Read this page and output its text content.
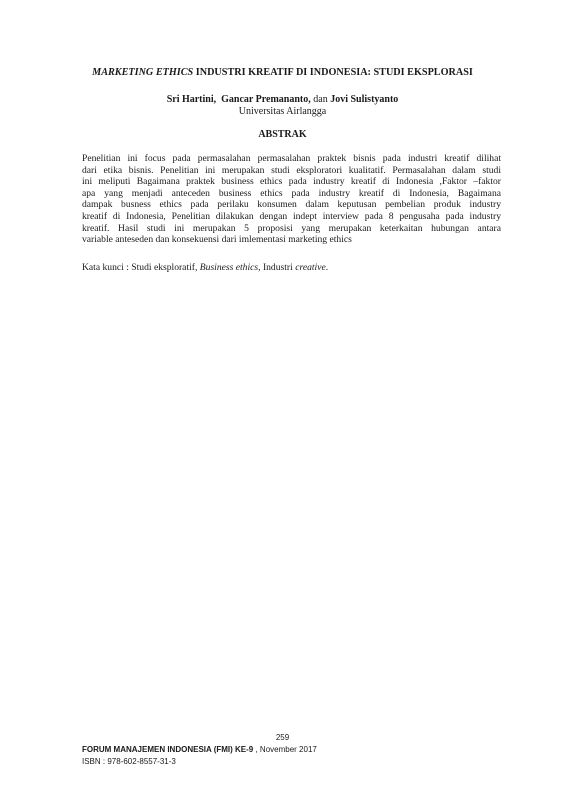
MARKETING ETHICS INDUSTRI KREATIF DI INDONESIA: STUDI EKSPLORASI
Sri Hartini, Gancar Premananto, dan Jovi Sulistyanto
Universitas Airlangga
ABSTRAK
Penelitian ini focus pada permasalahan permasalahan praktek bisnis pada industri kreatif dilihat
dari etika bisnis. Penelitian ini merupakan studi eksploratori kualitatif. Permasalahan dalam studi
ini meliputi Bagaimana praktek business ethics pada industry kreatif di Indonesia ,Faktor –faktor
apa yang menjadi anteceden business ethics pada industry kreatif di Indonesia, Bagaimana
dampak busness ethics pada perilaku konsumen dalam keputusan pembelian produk industry
kreatif di Indonesia, Penelitian dilakukan dengan indept interview pada 8 pengusaha pada industry
kreatif. Hasil studi ini merupakan 5 proposisi yang merupakan keterkaitan hubungan antara
variable anteseden dan konsekuensi dari imlementasi marketing ethics
Kata kunci : Studi eksploratif, Business ethics, Industri creative.
259
FORUM MANAJEMEN INDONESIA (FMI) KE-9 , November 2017
ISBN : 978-602-8557-31-3
